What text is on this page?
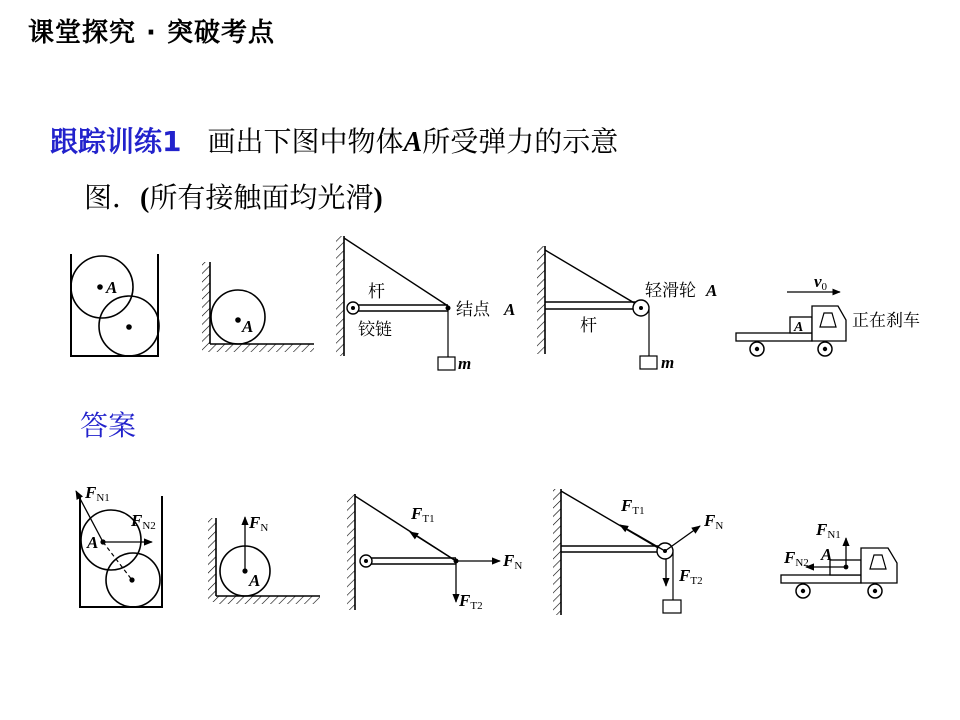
课堂探究 · 突破考点
跟踪训练1 画出下图中物体A所受弹力的示意
图．(所有接触面均光滑)
答案
A
A
杆
铰链
结点 A
m
轻滑轮 A
杆
m
v0
A	正在刹车
FN1
FN2
A
FN
A
FT1
FN
FT2
FT1	FN
FT2
FN1
FN2 A
